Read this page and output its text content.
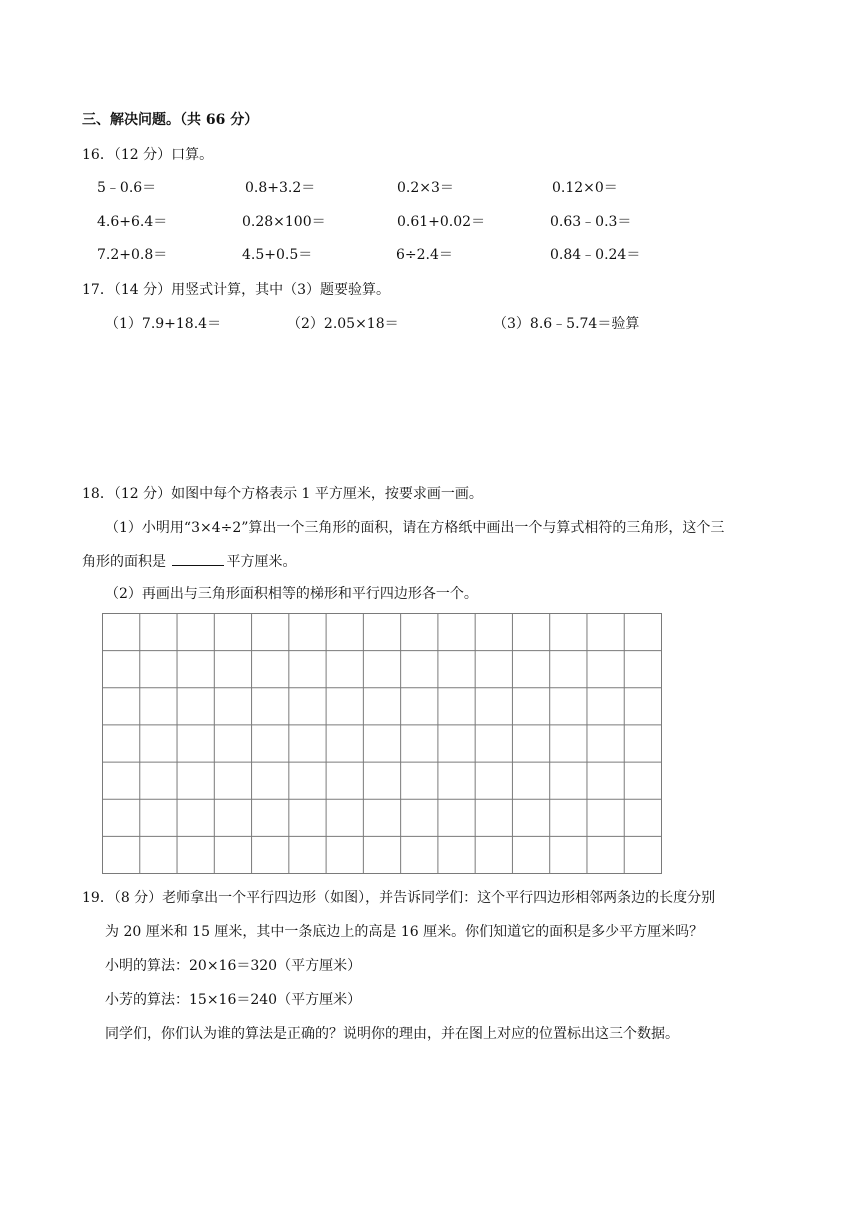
三、解决问题。（共 66 分）
16．（12 分）口算。
5﹣0.6＝	0.8+3.2＝	0.2×3＝	0.12×0＝
4.6+6.4＝	0.28×100＝	0.61+0.02＝	0.63﹣0.3＝
7.2+0.8＝	4.5+0.5＝	6÷2.4＝	0.84﹣0.24＝
17．（14 分）用竖式计算，其中（3）题要验算。
（1）7.9+18.4＝	（2）2.05×18＝	（3）8.6﹣5.74＝验算
18．（12 分）如图中每个方格表示 1 平方厘米，按要求画一画。
（1）小明用“3×4÷2”算出一个三角形的面积，请在方格纸中画出一个与算式相符的三角形，这个三
角形的面积是	平方厘米。
（2）再画出与三角形面积相等的梯形和平行四边形各一个。
19．（8 分）老师拿出一个平行四边形（如图），并告诉同学们：这个平行四边形相邻两条边的长度分别
为 20 厘米和 15 厘米，其中一条底边上的高是 16 厘米。你们知道它的面积是多少平方厘米吗？
小明的算法：20×16＝320（平方厘米）
小芳的算法：15×16＝240（平方厘米）
同学们，你们认为谁的算法是正确的？说明你的理由，并在图上对应的位置标出这三个数据。
